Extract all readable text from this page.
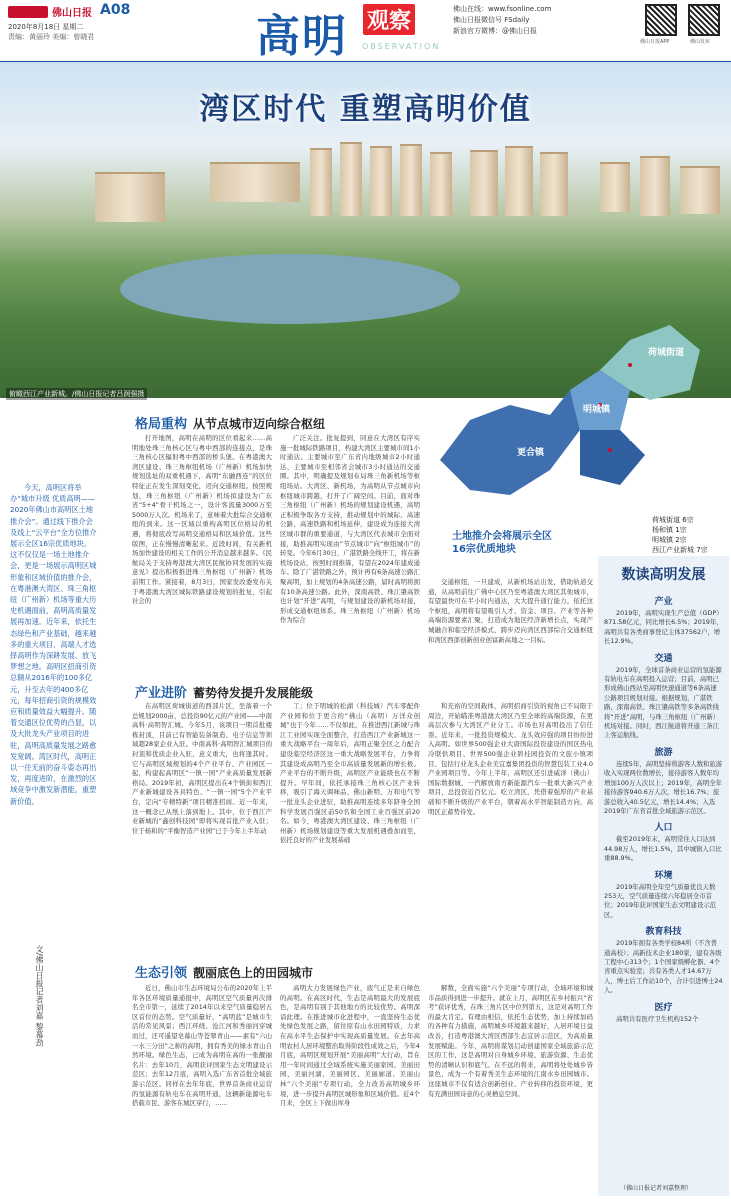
佛山日报 A08
2020年8月18日 星期二
责编：黄丽玲 美编：曾晓君	高明 观察
OBSERVATION
佛山在线：www.fsonline.com
佛山日报微信号 FSdaily
新浪官方微博：@佛山日报
佛山日报APP	佛山发布
湾区时代 重塑高明价值
俯瞰西江产业新城。/佛山日报记者吕润强摄
荷城街道
明城镇
杨和镇
更合镇
荷城街道 6宗
杨和镇 1宗
明城镇 2宗
西江产业新城 7宗
土地推介会将展示全区16宗优质地块
今天，高明区将举办“城市升级 优质高明——2020年佛山市高明区土地推介会”。通过线下推介会及线上“云平台”全方位推介展示全区16宗优质地块。这不仅仅是一场土地推介会，更是一场展示高明区城形象和区域价值的推介会，在粤港澳大湾区、珠三角枢纽（广州新）机场等重大历史机遇面前，高明高质量发展再加速。近年来，依托生态绿色和产业基础，越来越多的重大项目、高端人才选择高明作为深耕发展、放飞梦想之地。高明区招商引资总额从2016年的100多亿元，升至去年的400多亿元，每年招商引资的规模效应和质量效益大幅提升。随着交通区位优势的凸显，以及大批龙头产业项目的进驻，高明高质量发展之路愈发宽阔。湾区时代，高明正以一往无前的奋斗姿态再出发，再度进阶，在激烈的区域竞争中激发新潜能，重塑新价值。
文/佛山日报记者刘嘉 黎慕劲
格局重构 从节点城市迈向综合枢纽
打开地图，高明在高明的区位看起来……高明地处珠三角核心区与粤中西部的连接点，是珠三角核心区辐射粤中西部的桥头堡。在粤港澳大湾区建设、珠三角枢纽机场（广州新）机场加快规划选址的双重机遇下，高明“东融西连”的区位特征正在发生深刻变化，迈向交通枢纽。按照规划，珠三角枢纽（广州新）机场拟建设为广东省“5+4”骨干机场之一，设计客流量3000万至5000万人次。机场来了，意味着大批综合交通枢纽的到来。这一区域以重构高明区位格局的机遇，将彻底改写高明交通格局和区域价值。这些版图，正在慢慢清晰起来。近段时间，有关新机场加快建设的相关工作的公开消息越来越多。《民航局关于支持粤港澳大湾区民航协同发展的实施意见》提出积极推进珠三角枢纽（广州新）机场前期工作。紧接着，8月3日，国家发改委发布关于粤港澳大湾区城际铁路建设规划的批复，引起社会的
广泛关注。批复提到，同意在大湾区有序实施一批城际铁路项目，构建大湾区主要城市间1小时通达、主要城市至广东省内地级城市2小时通达、主要城市至相邻省会城市3小时通达的交通圈。其中，明确提及规划布局珠三角新机场等枢纽场站。大湾区、新机场，为高明从节点城市向枢纽城市跨越，打开了广阔空间。目前，面对珠三角枢纽（广州新）机场的规划建设机遇，高明正积极争取各方支持，推动规划中的城际、高速公路、高速铁路和机场延伸，建设成为连接大湾区城市群的重要通道，与大湾区代表城市全面对接，助推高明实现由“节点城市”向“枢纽城市”的转变。今年6月30日，广湛铁路全线开工，将在新机场设站，按照时间推算，有望在2024年建成通车。除了广湛铁路之外，预计再有6条高速公路汇聚高明，加上规划的4条高速公路，届时高明将拥有10条高速公路。此外，深南高铁、珠江肇高铁也计划“开进”高明，与规划建设的新机场对接，形成交通枢纽体系。珠三角枢纽（广州新）机场作为综合
交通枢纽，一旦建成，从新机场站出发，借助轨道交通，从高明前往广佛中心区乃至粤港澳大湾区其他城市，有望最快可在半小时内通达，大大提升通行能力。依托这个枢纽，高明将有望吸引人才、资金、项目、产业等各种高端资源要素汇聚，打造成为地区经济新增长点，实现产城融合和临空经济模式，跨步迈向湾区西部综合交通枢纽和湾区西部创新创业创富新高地之一目标。
产业进阶 蓄势待发提升发展能级
在高明区荷城街道的西部片区，坐落着一个总规划2000亩，总投资90亿元的产业园——中南高科·高明智汇城。今年5月，该项目一期首批楼栋封顶，目前已有智能装备制造、电子信息等领域超28家企业入驻。中南高科·高明智汇城项目的封顶和优质企业入驻，意义重大，也将逢其时。它与高明区域规划的4个产业平台、产业园区一起，构建起高明区“一镇一园”产业高质量发展新格局。2019年初，高明区提出在4个镇街和西江产业新城建设各具特色、“一镇一园”5个产业平台，定向“专精特新”项目精准招商。近一年来，这一概念已从纸上落到地上。其中，位于西江产业新城的“鑫创科技园”即将实现首批产业入驻；位于杨和的“平衡智造产业园”已于今年上半年动
工；位于明城的松湖（科技城）汽车零配件产业园和位于更合的“佛山（高明）万洋众创城”也于今年……不仅如此，在推进西江新城与珠江工业园实现全面整合，打造西江产业新城这一重大战略平台一周年后，高明正聚全区之力配合建设临空经济区这一重大战略发展平台，力争将其建设成高明乃至全市高质量发展新的增长极。产业平台的不断升级，高明区产业能级也在不断提升。早年间，依托承接珠三角核心区产业转移，吸引了海天调味品、佛山新明、万和电气等一批龙头企业进驻，助推高明连续多年跻身全国科学发展百强区前50名和全国工业百强区前20名。如今，粤港澳大湾区建设、珠三角枢纽（广州新）机场规划建设等重大发展机遇叠加而至，依托良好的产业发展基础
和充裕的空间载体，高明招商引资的视角已不局限于周边，开始瞄准粤港澳大湾区乃至全球的高端资源，在更高层次参与大湾区产业分工。市场也对高明投出了信任票。近年来，一批投资规模大、龙头效应强的项目纷纷进入高明。如世界500强企业大唐国际投资建设的国区热电冷联供项目、世界500强企业碧桂园投资的文旅小镇项目、包括行业龙头企业美宜嘉集团投资的智慧包装工业4.0产业园项目等。今年上半年，高明区还引进威泽（佛山）国际数据城、一汽解放南方新能源汽车一批重大新兴产业项目，总投资近百亿元。吃立湾区，凭借着强厚的产业基础和不断升级的产业平台，朝着高水平智能制造方向，高明区正蓄势待发。
生态引领 靓丽底色上的田园城市
近日，佛山市生态环境局公布的2020年上半年各区环境质量通报中，高明区空气质量再次排名全市第一，延续了2014年以来空气质量稳居五区首位的态势。空气质量好，“高明蓝”是城市生活的常见风景；西江环绕、沧江河和秀丽河穿城而过，还可遥望皂幕山等苍翠青山——素有“六山一水三分田”之称的高明，拥有秀美的绿水青山自然环境。绿色生态，已成为高明在高的一张靓丽名片：去年10月，高明获评国家生态文明建设示范区；去年12月底，高明入选广东省首批全域旅游示范区。同样在去年年底，世界首条商业运营的氢能源有轨电车在高明开通，这辆新能源电车搭载市民、游客在城区穿行，……
高明大力发展绿色产业，底气正是来自绿色的高明。在高区时代，生态是高明最大的发展底色，是高明有别于其他地方的比较优势。高明深谙此理。在推进城市化进程中，一直坚持生态优先绿色发展之路，留住原有山水田园特质，力求在高水平生态保护中实现高质量发展。在去年高明农村人居环境整治取得阶段性成效之后，今年4月底，高明区规划开展“美丽高明”大行动，旨在用一年时间通过全域系统实施美丽家园、美丽田园、美丽河湖、美丽园区、美丽廊道、美丽山林“六个美丽”专项行动，全力改善高明城乡环境，进一步提升高明区城形象和区域价值。近4个月来，全区上下做出库身
解数，全面实施“六个美丽”专项行动，全域环境和城市品质得到进一步提升。就在上月，高明区在乡村振兴“省考”获评优秀，在珠三角片区中位列第五，这是对高明工作的最大肯定。有理由相信，依托生态优势，加上持续加码的各种有力措施，高明城乡环境越来越好，人居环境日益改善，打造粤港澳大湾区西部生态宜居示范区，为高质量发展赋能。今年，高明将谋划启动创建国家全域旅游示范区的工作，这是高明对自身城乡环境、旅游资源、生态优势的清晰认识和底气。在不远的将来，高明将处处城乡皆景色，成为一个有着秀美生态环境的江南水乡田园城市。这座城市不仅有适合创新创业、产业转移的投资环境，更有充满田园诗意的心灵栖息空间。
数读高明发展
产业
2019年，高明实现生产总值（GDP）871.58亿元，同比增长6.5%；2019年，高明共有各类商事登记主体37562户，增长12.9%。
交通
2019年，全球首条商业运营的氢能源有轨电车在高明投入运营；目前，高明已形成佛山西站至高明快速通道等6条高速公路项目规划对接。根据规划，广湛铁路、深南高铁、珠江肇高铁等多条高铁线将“开进”高明，与珠三角枢纽（广州新）机场对接。同时，西江航道将开通三条江上客运航线。
旅游
连续5年，高明坚持将游客人数和旅游收入实现两位数增长，接待游客人数年均增加100万人次以上；2019年，高明全年接待游客940.6万人次，增长16.7%；旅游总收入40.5亿元，增长14.4%；入选2019年广东省首批全域旅游示范区。
人口
截至2019年末，高明常住人口达到44.98万人，增长1.5%，其中城镇人口比重88.9%。
环境
2019年高明全年空气质量优良天数253天，空气质量连续六年稳居全市首位；2019年获评国家生态文明建设示范区。
教育科技
2019年拥有各类学校84所（不含普通高校）；高新技术企业180家，建有各级工程中心313个；1个国家级孵化器、4个省重点实验室；共有各类人才14.67万人，博士后工作站10个，合计引进博士24人。
医疗
高明共有医疗卫生机构152个
（佛山日报记者刘嘉整理）
